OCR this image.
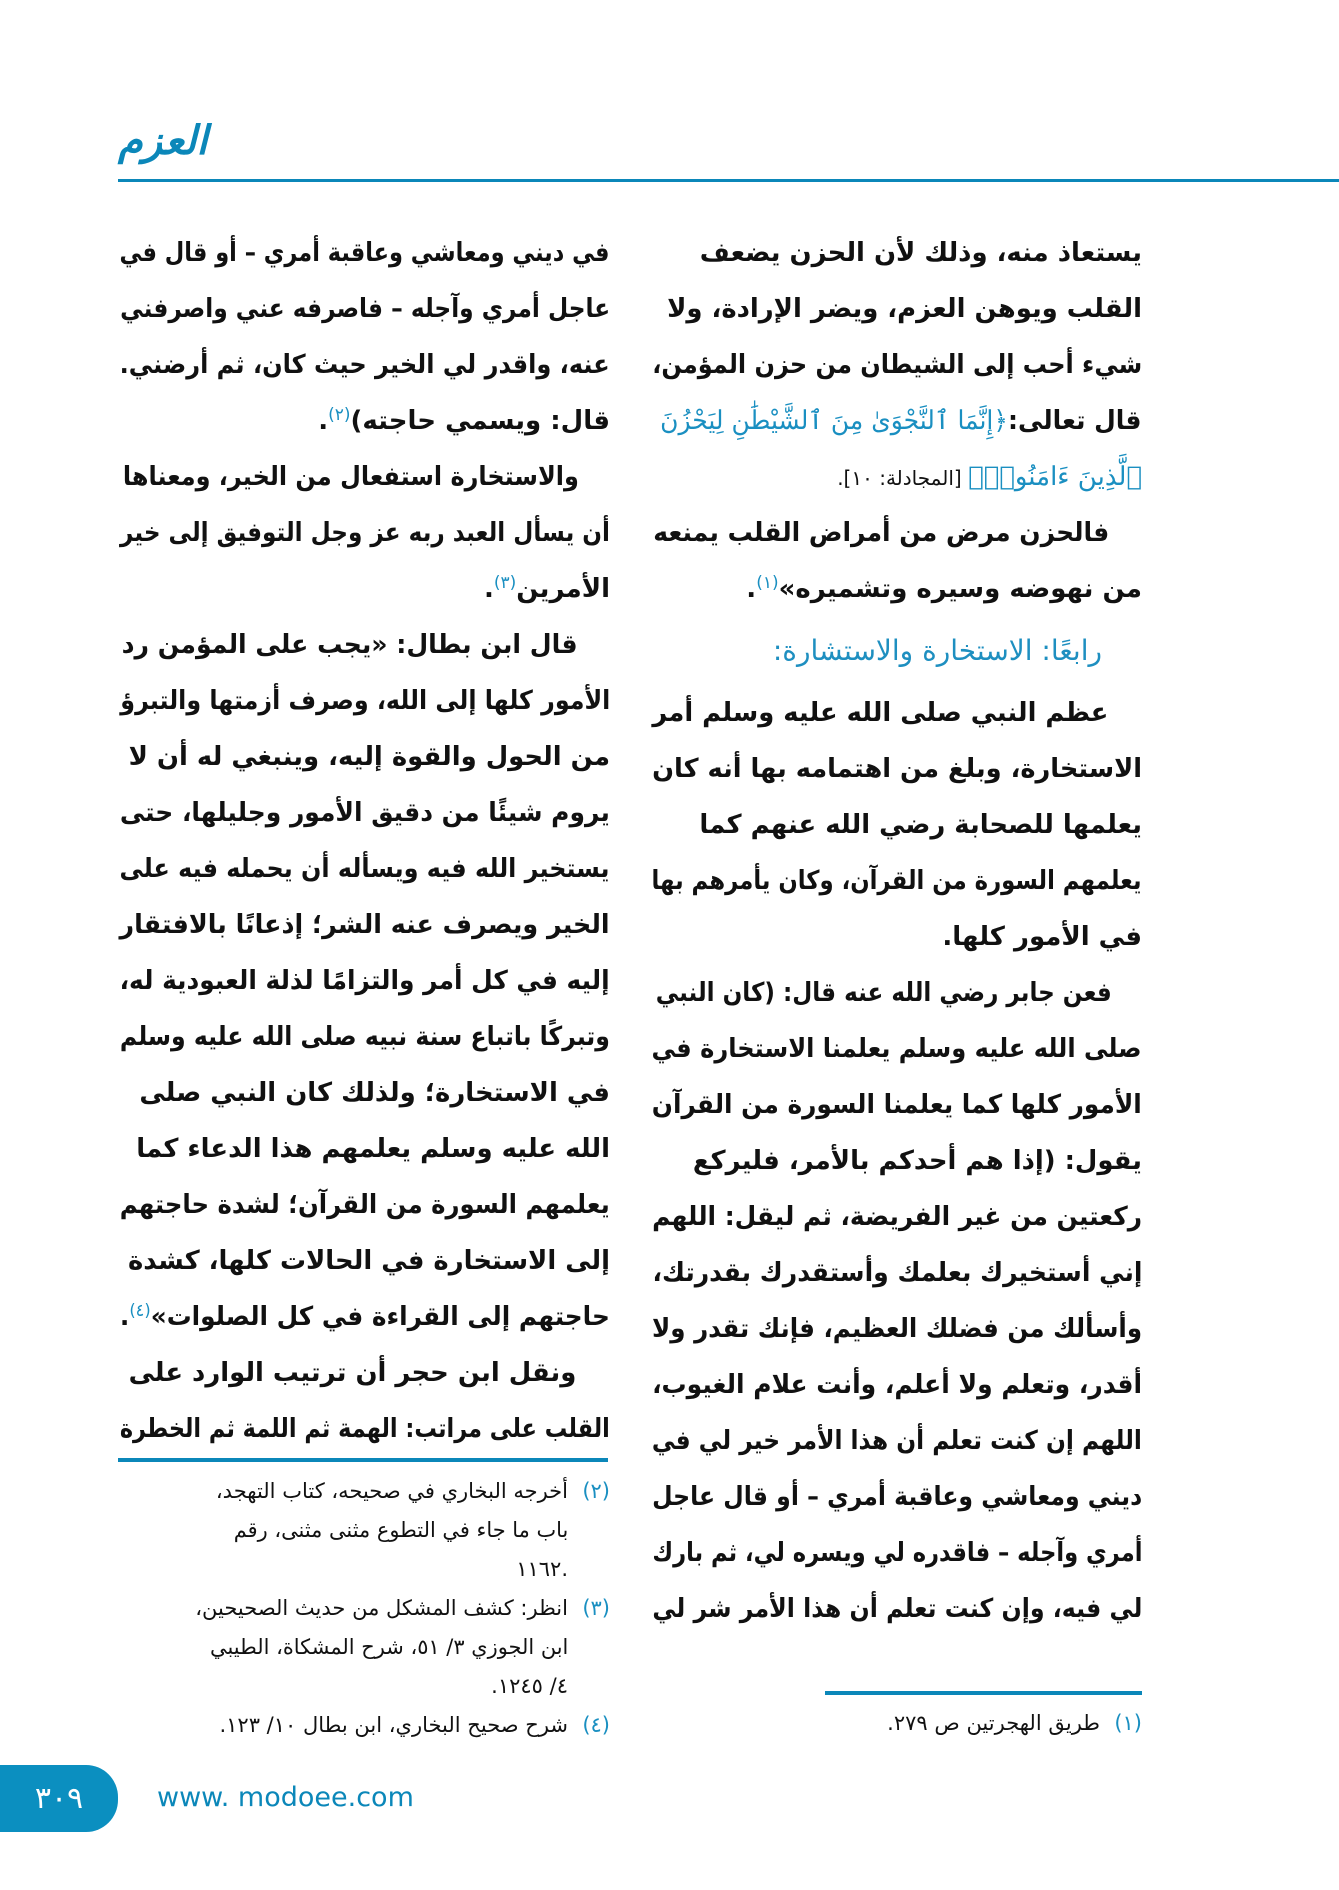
العزم
يستعاذ منه، وذلك لأن الحزن يضعف
القلب ويوهن العزم، ويضر الإرادة، ولا
شيء أحب إلى الشيطان من حزن المؤمن،
قال تعالى:﴿إِنَّمَا ٱلنَّجْوَىٰ مِنَ ٱلشَّيْطَٰنِ لِيَحْزُنَ
ٱلَّذِينَ ءَامَنُوا۟﴾ [المجادلة: ١٠].
فالحزن مرض من أمراض القلب يمنعه
من نهوضه وسيره وتشميره»$^{(١)}$.
رابعًا: الاستخارة والاستشارة:
عظم النبي صلى الله عليه وسلم أمر
الاستخارة، وبلغ من اهتمامه بها أنه كان
يعلمها للصحابة رضي الله عنهم كما
يعلمهم السورة من القرآن، وكان يأمرهم بها
في الأمور كلها.
فعن جابر رضي الله عنه قال: (كان النبي
صلى الله عليه وسلم يعلمنا الاستخارة في
الأمور كلها كما يعلمنا السورة من القرآن
يقول: (إذا هم أحدكم بالأمر، فليركع
ركعتين من غير الفريضة، ثم ليقل: اللهم
إني أستخيرك بعلمك وأستقدرك بقدرتك،
وأسألك من فضلك العظيم، فإنك تقدر ولا
أقدر، وتعلم ولا أعلم، وأنت علام الغيوب،
اللهم إن كنت تعلم أن هذا الأمر خير لي في
ديني ومعاشي وعاقبة أمري – أو قال عاجل
أمري وآجله – فاقدره لي ويسره لي، ثم بارك
لي فيه، وإن كنت تعلم أن هذا الأمر شر لي
في ديني ومعاشي وعاقبة أمري – أو قال في
عاجل أمري وآجله – فاصرفه عني واصرفني
عنه، واقدر لي الخير حيث كان، ثم أرضني.
قال: ويسمي حاجته)$^{(٢)}$.
والاستخارة استفعال من الخير، ومعناها
أن يسأل العبد ربه عز وجل التوفيق إلى خير
الأمرين$^{(٣)}$.
قال ابن بطال: «يجب على المؤمن رد
الأمور كلها إلى الله، وصرف أزمتها والتبرؤ
من الحول والقوة إليه، وينبغي له أن لا
يروم شيئًا من دقيق الأمور وجليلها، حتى
يستخير الله فيه ويسأله أن يحمله فيه على
الخير ويصرف عنه الشر؛ إذعانًا بالافتقار
إليه في كل أمر والتزامًا لذلة العبودية له،
وتبركًا باتباع سنة نبيه صلى الله عليه وسلم
في الاستخارة؛ ولذلك كان النبي صلى
الله عليه وسلم يعلمهم هذا الدعاء كما
يعلمهم السورة من القرآن؛ لشدة حاجتهم
إلى الاستخارة في الحالات كلها، كشدة
حاجتهم إلى القراءة في كل الصلوات»(٤).
ونقل ابن حجر أن ترتيب الوارد على
القلب على مراتب: الهمة ثم اللمة ثم الخطرة
(٢)أخرجه البخاري في صحيحه، كتاب التهجد،
باب ما جاء في التطوع مثنى مثنى، رقم
.١١٦٢
(٣)انظر: كشف المشكل من حديث الصحيحين،
ابن الجوزي ٣/ ٥١، شرح المشكاة، الطيبي
٤/ ١٢٤٥.
(٤)شرح صحيح البخاري، ابن بطال ١٠/ ١٢٣.	(١)طريق الهجرتين ص ٢٧٩.
٣٠٩	www. modoee.com
